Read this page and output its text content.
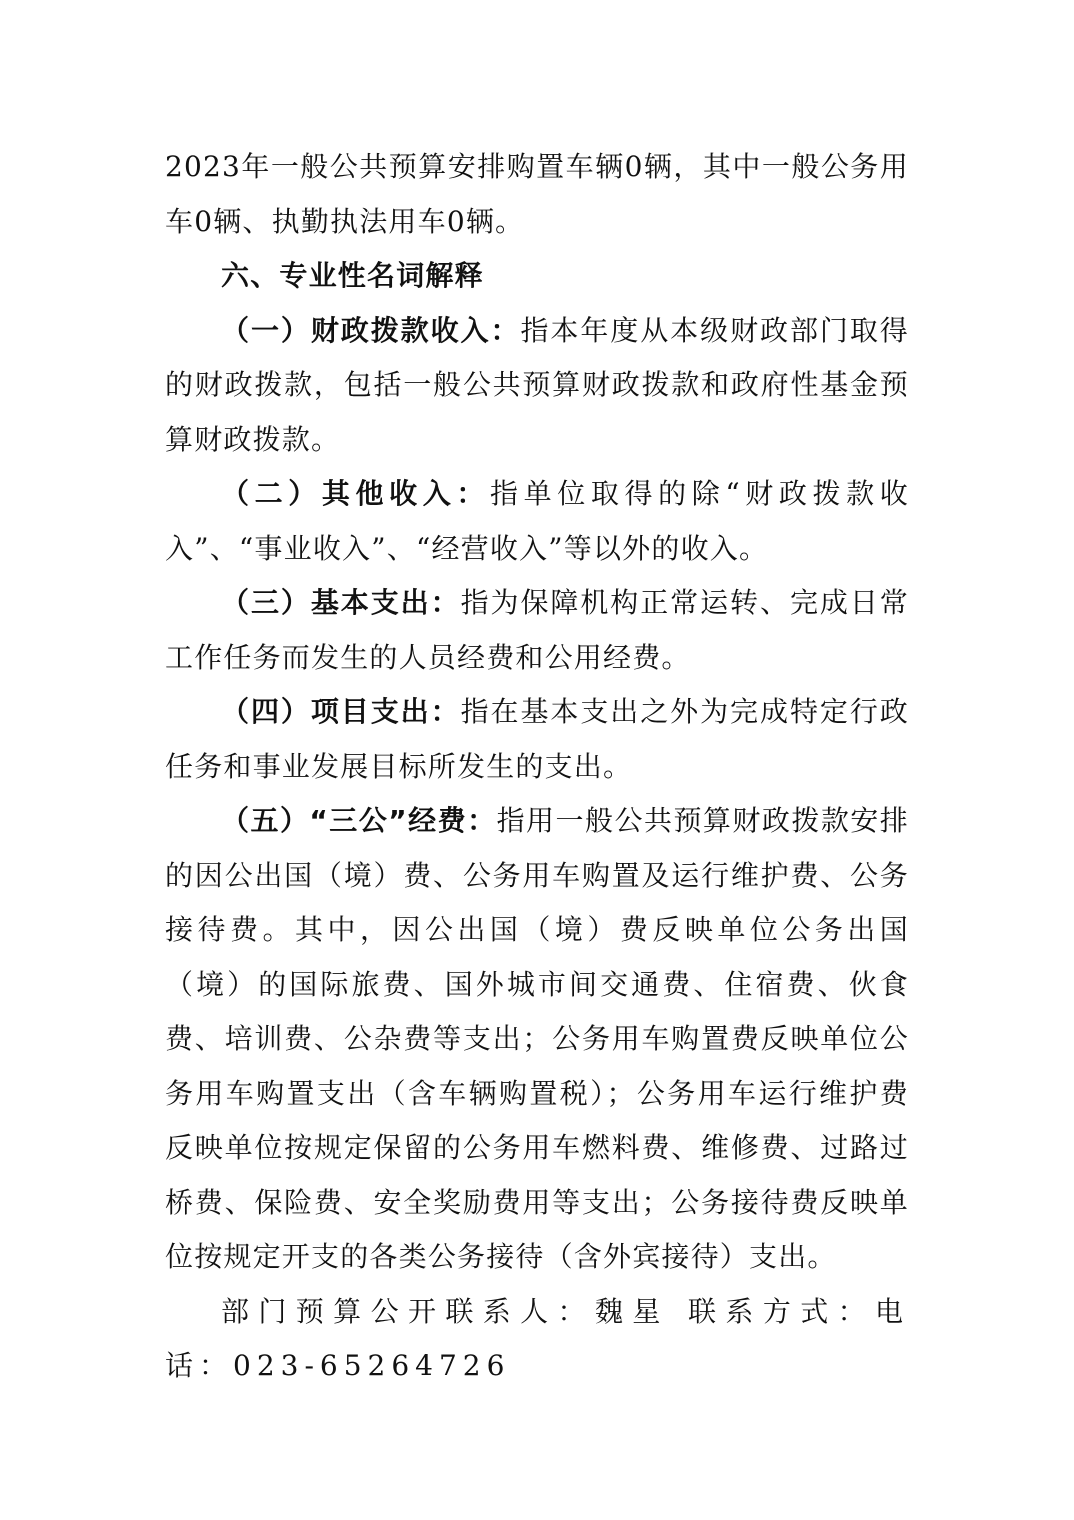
2023年一般公共预算安排购置车辆0辆，其中一般公务用车0辆、执勤执法用车0辆。

六、专业性名词解释

（一）财政拨款收入：指本年度从本级财政部门取得的财政拨款，包括一般公共预算财政拨款和政府性基金预算财政拨款。

（二）其他收入：指单位取得的除“财政拨款收入”、“事业收入”、“经营收入”等以外的收入。

（三）基本支出：指为保障机构正常运转、完成日常工作任务而发生的人员经费和公用经费。

（四）项目支出：指在基本支出之外为完成特定行政任务和事业发展目标所发生的支出。

（五）“三公”经费：指用一般公共预算财政拨款安排的因公出国（境）费、公务用车购置及运行维护费、公务接待费。其中，因公出国（境）费反映单位公务出国（境）的国际旅费、国外城市间交通费、住宿费、伙食费、培训费、公杂费等支出；公务用车购置费反映单位公务用车购置支出（含车辆购置税）；公务用车运行维护费反映单位按规定保留的公务用车燃料费、维修费、过路过桥费、保险费、安全奖励费用等支出；公务接待费反映单位按规定开支的各类公务接待（含外宾接待）支出。

部门预算公开联系人：魏星 联系方式：电话：023-65264726
